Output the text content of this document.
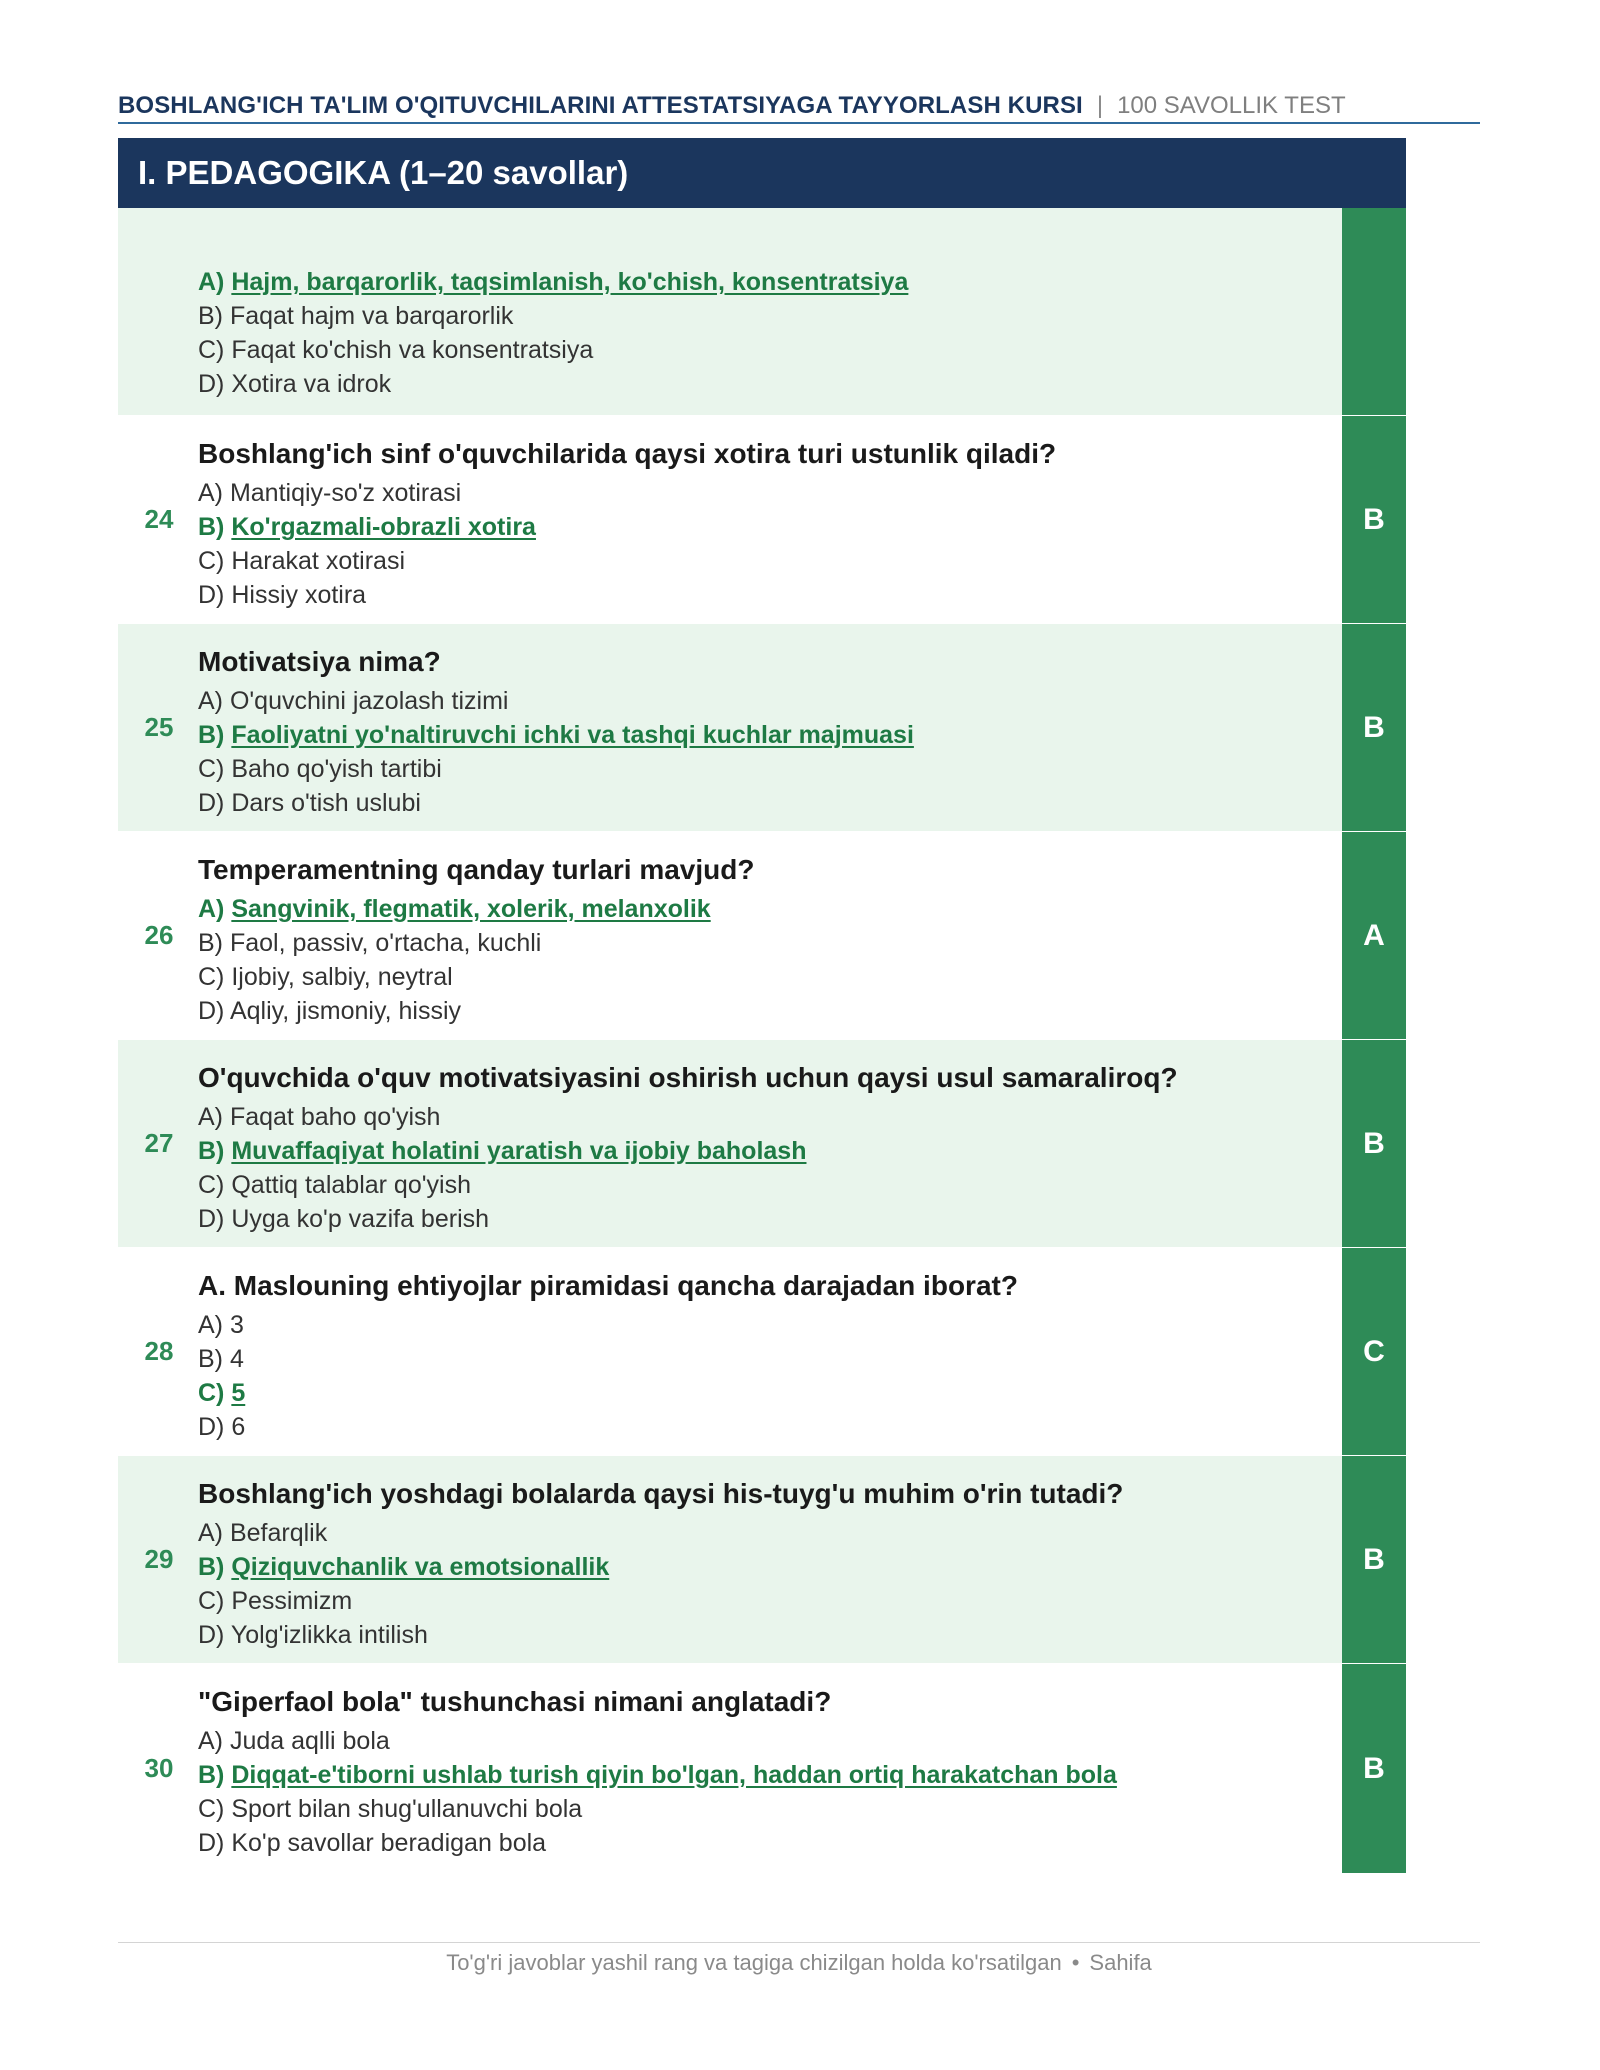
BOSHLANG'ICH TA'LIM O'QITUVCHILARINI ATTESTATSIYAGA TAYYORLASH KURSI | 100 SAVOLLIK TEST
I. PEDAGOGIKA (1–20 savollar)
A) Hajm, barqarorlik, taqsimlanish, ko'chish, konsentratsiya
B) Faqat hajm va barqarorlik
C) Faqat ko'chish va konsentratsiya
D) Xotira va idrok
24
Boshlang'ich sinf o'quvchilarida qaysi xotira turi ustunlik qiladi?
A) Mantiqiy-so'z xotirasi
B) Ko'rgazmali-obrazli xotira
C) Harakat xotirasi
D) Hissiy xotira
B
25
Motivatsiya nima?
A) O'quvchini jazolash tizimi
B) Faoliyatni yo'naltiruvchi ichki va tashqi kuchlar majmuasi
C) Baho qo'yish tartibi
D) Dars o'tish uslubi
B
26
Temperamentning qanday turlari mavjud?
A) Sangvinik, flegmatik, xolerik, melanxolik
B) Faol, passiv, o'rtacha, kuchli
C) Ijobiy, salbiy, neytral
D) Aqliy, jismoniy, hissiy
A
27
O'quvchida o'quv motivatsiyasini oshirish uchun qaysi usul samaraliroq?
A) Faqat baho qo'yish
B) Muvaffaqiyat holatini yaratish va ijobiy baholash
C) Qattiq talablar qo'yish
D) Uyga ko'p vazifa berish
B
28
A. Maslouning ehtiyojlar piramidasi qancha darajadan iborat?
A) 3
B) 4
C) 5
D) 6
C
29
Boshlang'ich yoshdagi bolalarda qaysi his-tuyg'u muhim o'rin tutadi?
A) Befarqlik
B) Qiziquvchanlik va emotsionallik
C) Pessimizm
D) Yolg'izlikka intilish
B
30
"Giperfaol bola" tushunchasi nimani anglatadi?
A) Juda aqlli bola
B) Diqqat-e'tiborni ushlab turish qiyin bo'lgan, haddan ortiq harakatchan bola
C) Sport bilan shug'ullanuvchi bola
D) Ko'p savollar beradigan bola
B
To'g'ri javoblar yashil rang va tagiga chizilgan holda ko'rsatilgan • Sahifa
